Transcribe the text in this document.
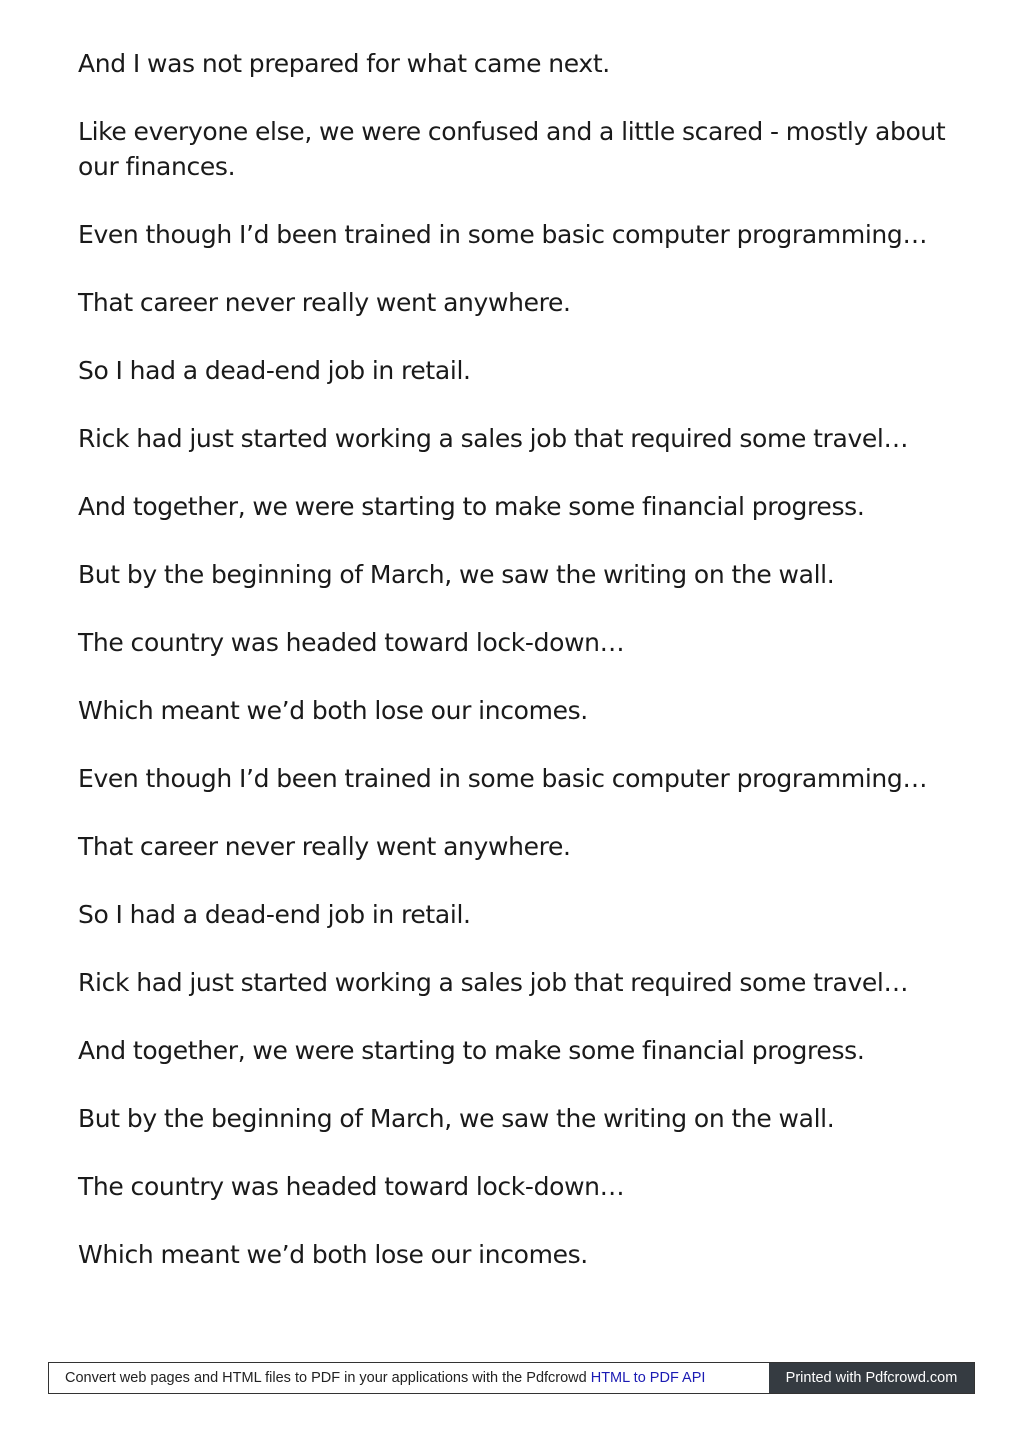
And I was not prepared for what came next.

Like everyone else, we were confused and a little scared - mostly about our finances.

Even though I’d been trained in some basic computer programming…

That career never really went anywhere.

So I had a dead-end job in retail.

Rick had just started working a sales job that required some travel…

And together, we were starting to make some financial progress.

But by the beginning of March, we saw the writing on the wall.

The country was headed toward lock-down…

Which meant we’d both lose our incomes.

Even though I’d been trained in some basic computer programming…

That career never really went anywhere.

So I had a dead-end job in retail.

Rick had just started working a sales job that required some travel…

And together, we were starting to make some financial progress.

But by the beginning of March, we saw the writing on the wall.

The country was headed toward lock-down…

Which meant we’d both lose our incomes.

Convert web pages and HTML files to PDF in your applications with the Pdfcrowd HTML to PDF API	Printed with Pdfcrowd.com
